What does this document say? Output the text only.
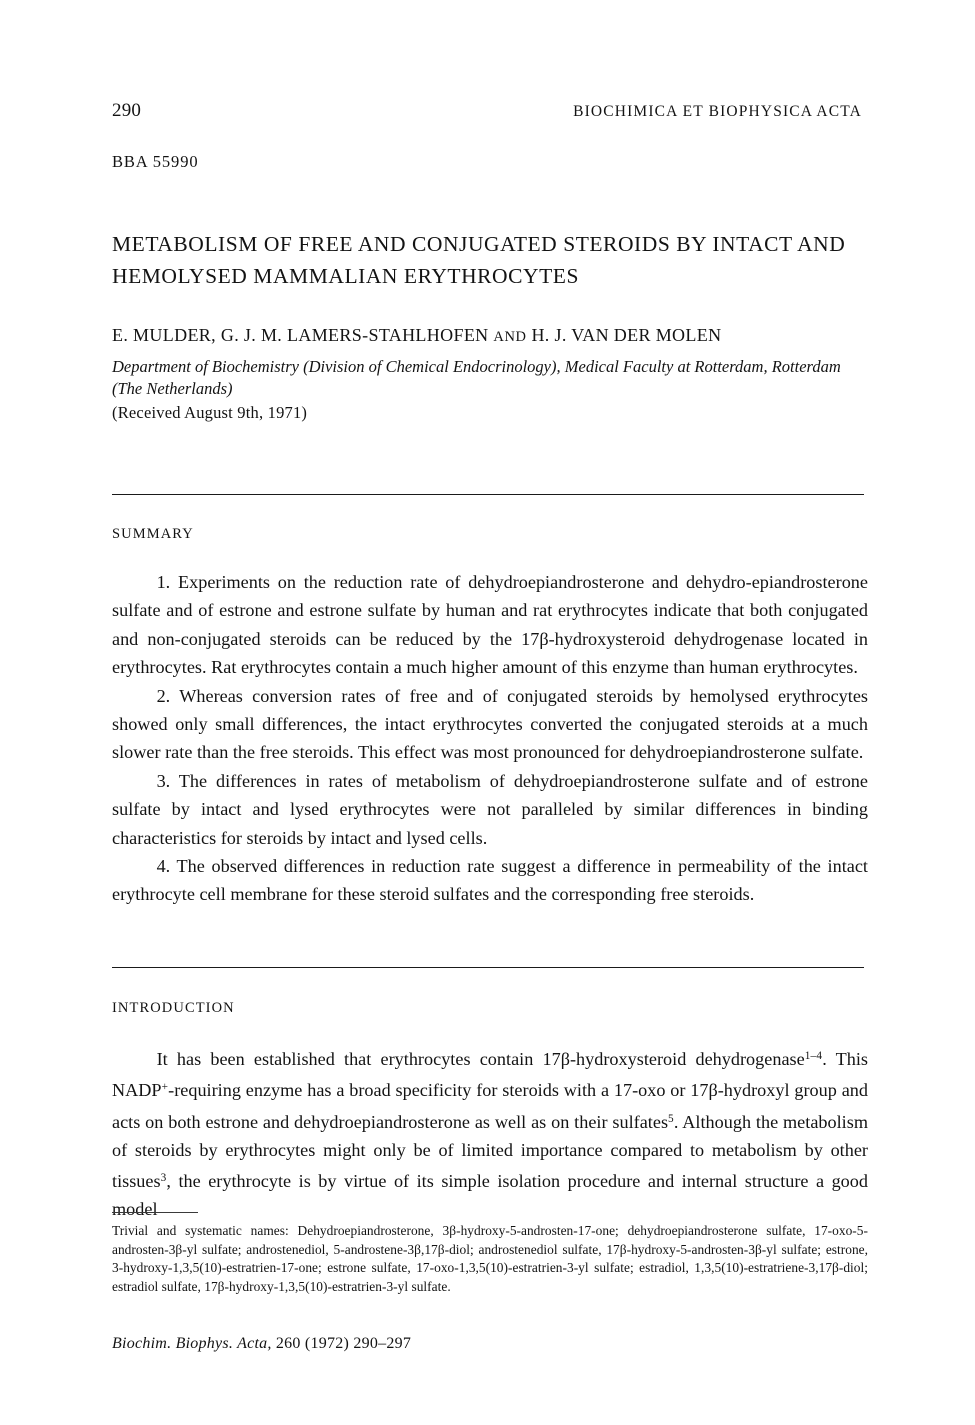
290	BIOCHIMICA ET BIOPHYSICA ACTA
BBA 55990
METABOLISM OF FREE AND CONJUGATED STEROIDS BY INTACT AND
HEMOLYSED MAMMALIAN ERYTHROCYTES
E. MULDER, G. J. M. LAMERS-STAHLHOFEN AND H. J. VAN DER MOLEN
Department of Biochemistry (Division of Chemical Endocrinology), Medical Faculty at Rotterdam, Rotterdam (The Netherlands)
(Received August 9th, 1971)
SUMMARY

1. Experiments on the reduction rate of dehydroepiandrosterone and dehydro-epiandrosterone sulfate and of estrone and estrone sulfate by human and rat erythrocytes indicate that both conjugated and non-conjugated steroids can be reduced by the 17β-hydroxysteroid dehydrogenase located in erythrocytes. Rat erythrocytes contain a much higher amount of this enzyme than human erythrocytes.

2. Whereas conversion rates of free and of conjugated steroids by hemolysed erythrocytes showed only small differences, the intact erythrocytes converted the conjugated steroids at a much slower rate than the free steroids. This effect was most pronounced for dehydroepiandrosterone sulfate.

3. The differences in rates of metabolism of dehydroepiandrosterone sulfate and of estrone sulfate by intact and lysed erythrocytes were not paralleled by similar differences in binding characteristics for steroids by intact and lysed cells.

4. The observed differences in reduction rate suggest a difference in permeability of the intact erythrocyte cell membrane for these steroid sulfates and the corresponding free steroids.

INTRODUCTION

It has been established that erythrocytes contain 17β-hydroxysteroid dehydrogenase$^{1-4}$. This NADP+-requiring enzyme has a broad specificity for steroids with a 17-oxo or 17β-hydroxyl group and acts on both estrone and dehydroepiandrosterone as well as on their sulfates$^5$. Although the metabolism of steroids by erythrocytes might only be of limited importance compared to metabolism by other tissues$^3$, the erythrocyte is by virtue of its simple isolation procedure and internal structure a good model

Trivial and systematic names: Dehydroepiandrosterone, 3β-hydroxy-5-androsten-17-one; dehydroepiandrosterone sulfate, 17-oxo-5-androsten-3β-yl sulfate; androstenediol, 5-androstene-3β,17β-diol; androstenediol sulfate, 17β-hydroxy-5-androsten-3β-yl sulfate; estrone, 3-hydroxy-1,3,5(10)-estratrien-17-one; estrone sulfate, 17-oxo-1,3,5(10)-estratrien-3-yl sulfate; estradiol, 1,3,5(10)-estratriene-3,17β-diol; estradiol sulfate, 17β-hydroxy-1,3,5(10)-estratrien-3-yl sulfate.

Biochim. Biophys. Acta, 260 (1972) 290–297
